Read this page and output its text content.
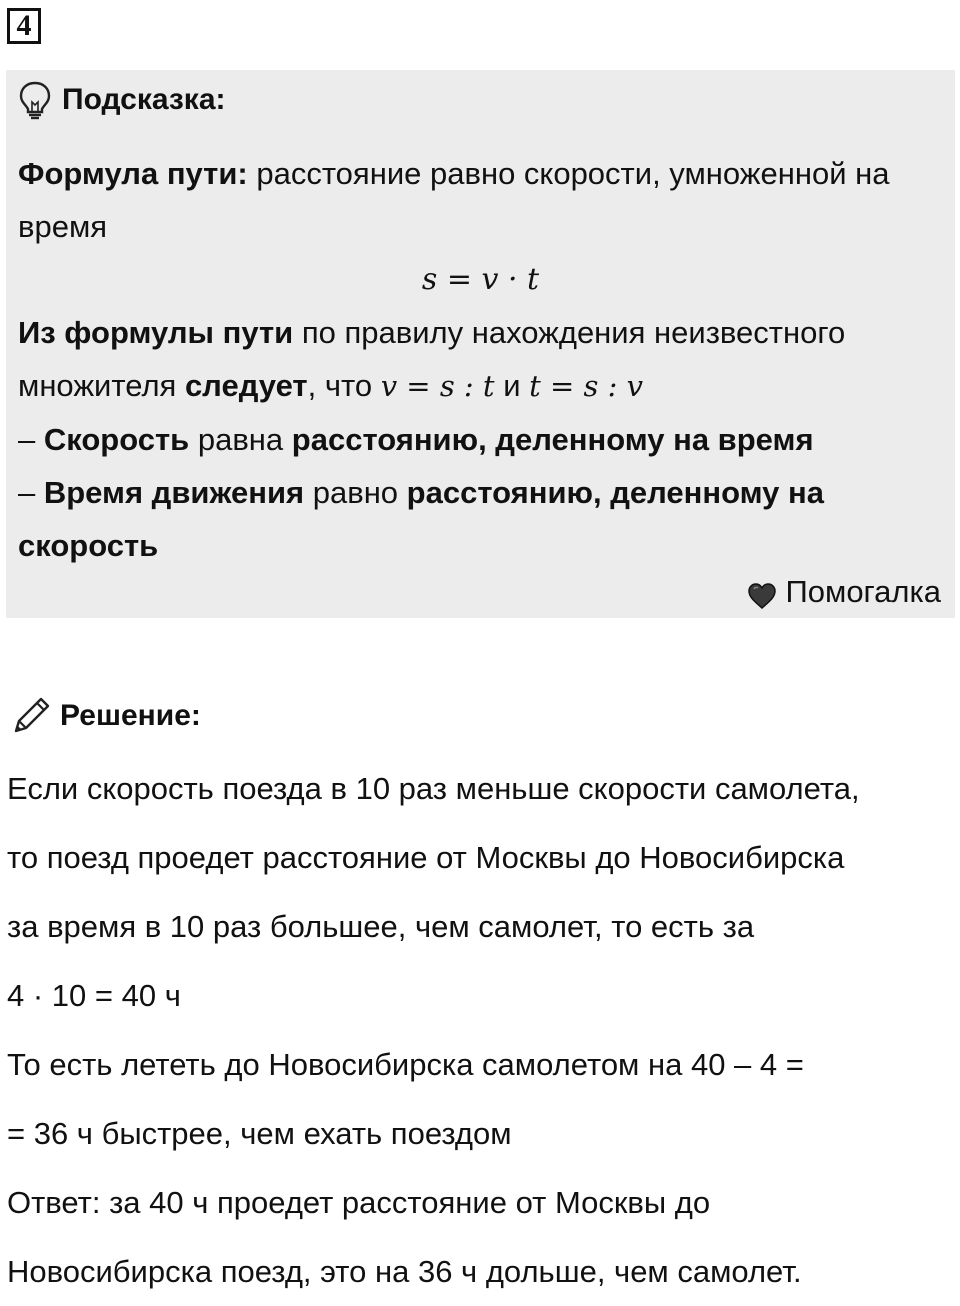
4
Подсказка:

Формула пути: расстояние равно скорости, умноженной на время

s = v · t

Из формулы пути по правилу нахождения неизвестного множителя следует, что v = s : t и t = s : v

– Скорость равна расстоянию, деленному на время

– Время движения равно расстоянию, деленному на скорость

Помогалка
Решение:
Если скорость поезда в 10 раз меньше скорости самолета,
то поезд проедет расстояние от Москвы до Новосибирска
за время в 10 раз большее, чем самолет, то есть за
4 · 10 = 40 ч
То есть лететь до Новосибирска самолетом на 40 – 4 =
= 36 ч быстрее, чем ехать поездом
Ответ: за 40 ч проедет расстояние от Москвы до
Новосибирска поезд, это на 36 ч дольше, чем самолет.
